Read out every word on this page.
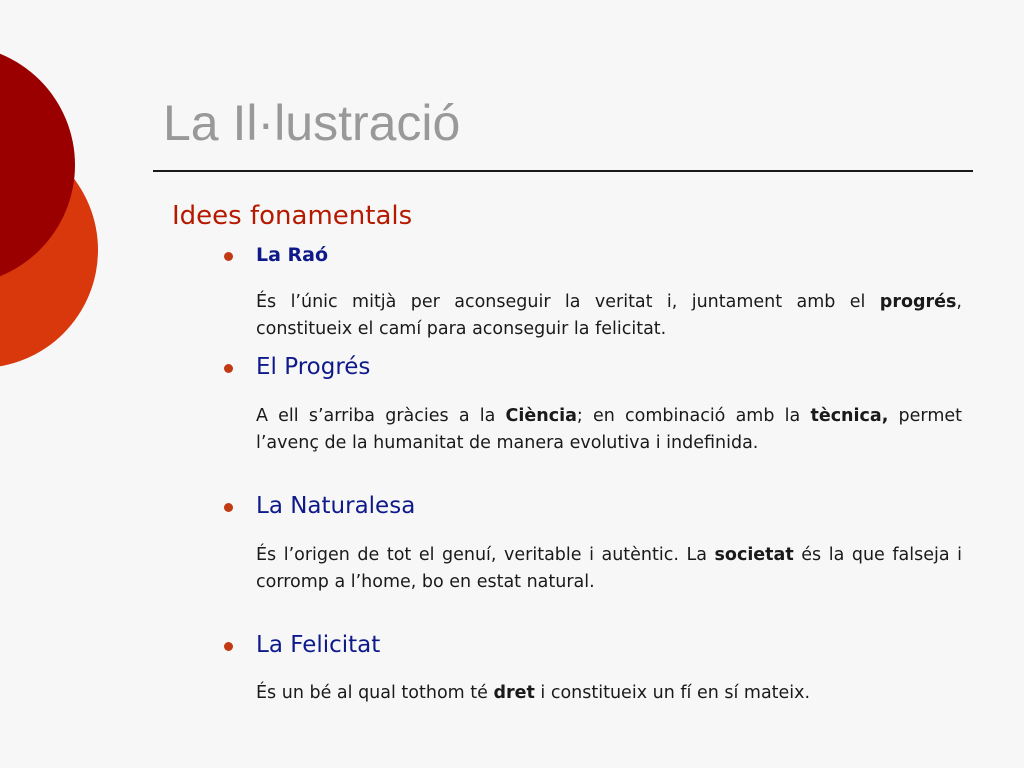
La Il·lustració
Idees fonamentals
La Raó
És l’únic mitjà per aconseguir la veritat i, juntament amb el progrés, constitueix el camí para aconseguir la felicitat.
El Progrés
A ell s’arriba gràcies a la Ciència; en combinació amb la tècnica, permet l’avenç de la humanitat de manera evolutiva i indefinida.
La Naturalesa
És l’origen de tot el genuí, veritable i autèntic. La societat és la que falseja i corromp a l’home, bo en estat natural.
La Felicitat
És un bé al qual tothom té dret i constitueix un fí en sí mateix.
